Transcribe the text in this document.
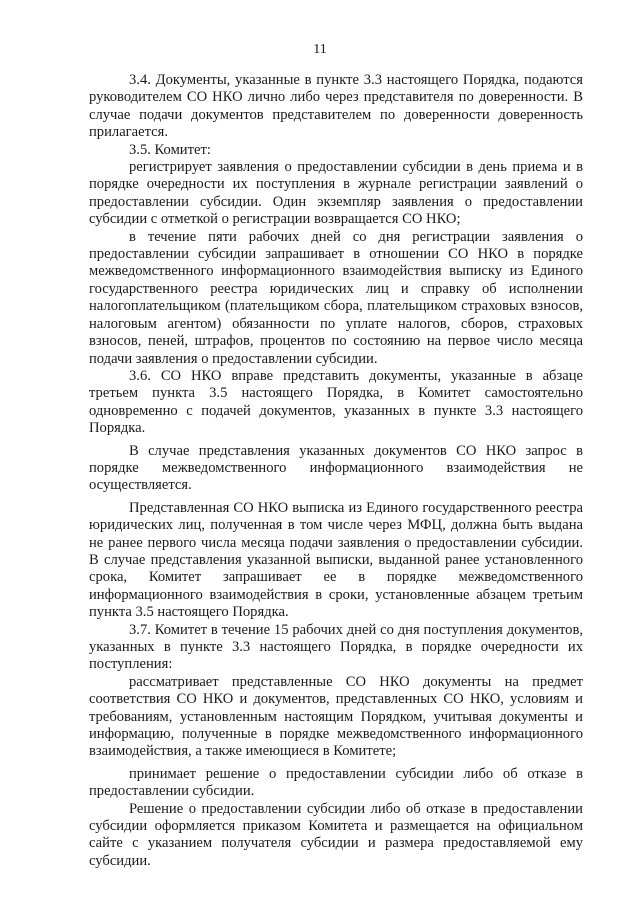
11

3.4. Документы, указанные в пункте 3.3 настоящего Порядка, подаются руководителем СО НКО лично либо через представителя по доверенности. В случае подачи документов представителем по доверенности доверенность прилагается.

3.5. Комитет:

регистрирует заявления о предоставлении субсидии в день приема и в порядке очередности их поступления в журнале регистрации заявлений о предоставлении субсидии. Один экземпляр заявления о предоставлении субсидии с отметкой о регистрации возвращается СО НКО;

в течение пяти рабочих дней со дня регистрации заявления о предоставлении субсидии запрашивает в отношении СО НКО в порядке межведомственного информационного взаимодействия выписку из Единого государственного реестра юридических лиц и справку об исполнении налогоплательщиком (плательщиком сбора, плательщиком страховых взносов, налоговым агентом) обязанности по уплате налогов, сборов, страховых взносов, пеней, штрафов, процентов по состоянию на первое число месяца подачи заявления о предоставлении субсидии.

3.6. СО НКО вправе представить документы, указанные в абзаце третьем пункта 3.5 настоящего Порядка, в Комитет самостоятельно одновременно с подачей документов, указанных в пункте 3.3 настоящего Порядка.

В случае представления указанных документов СО НКО запрос в порядке межведомственного информационного взаимодействия не осуществляется.

Представленная СО НКО выписка из Единого государственного реестра юридических лиц, полученная в том числе через МФЦ, должна быть выдана не ранее первого числа месяца подачи заявления о предоставлении субсидии. В случае представления указанной выписки, выданной ранее установленного срока, Комитет запрашивает ее в порядке межведомственного информационного взаимодействия в сроки, установленные абзацем третьим пункта 3.5 настоящего Порядка.

3.7. Комитет в течение 15 рабочих дней со дня поступления документов, указанных в пункте 3.3 настоящего Порядка, в порядке очередности их поступления:

рассматривает представленные СО НКО документы на предмет соответствия СО НКО и документов, представленных СО НКО, условиям и требованиям, установленным настоящим Порядком, учитывая документы и информацию, полученные в порядке межведомственного информационного взаимодействия, а также имеющиеся в Комитете;

принимает решение о предоставлении субсидии либо об отказе в предоставлении субсидии.

Решение о предоставлении субсидии либо об отказе в предоставлении субсидии оформляется приказом Комитета и размещается на официальном сайте с указанием получателя субсидии и размера предоставляемой ему субсидии.
